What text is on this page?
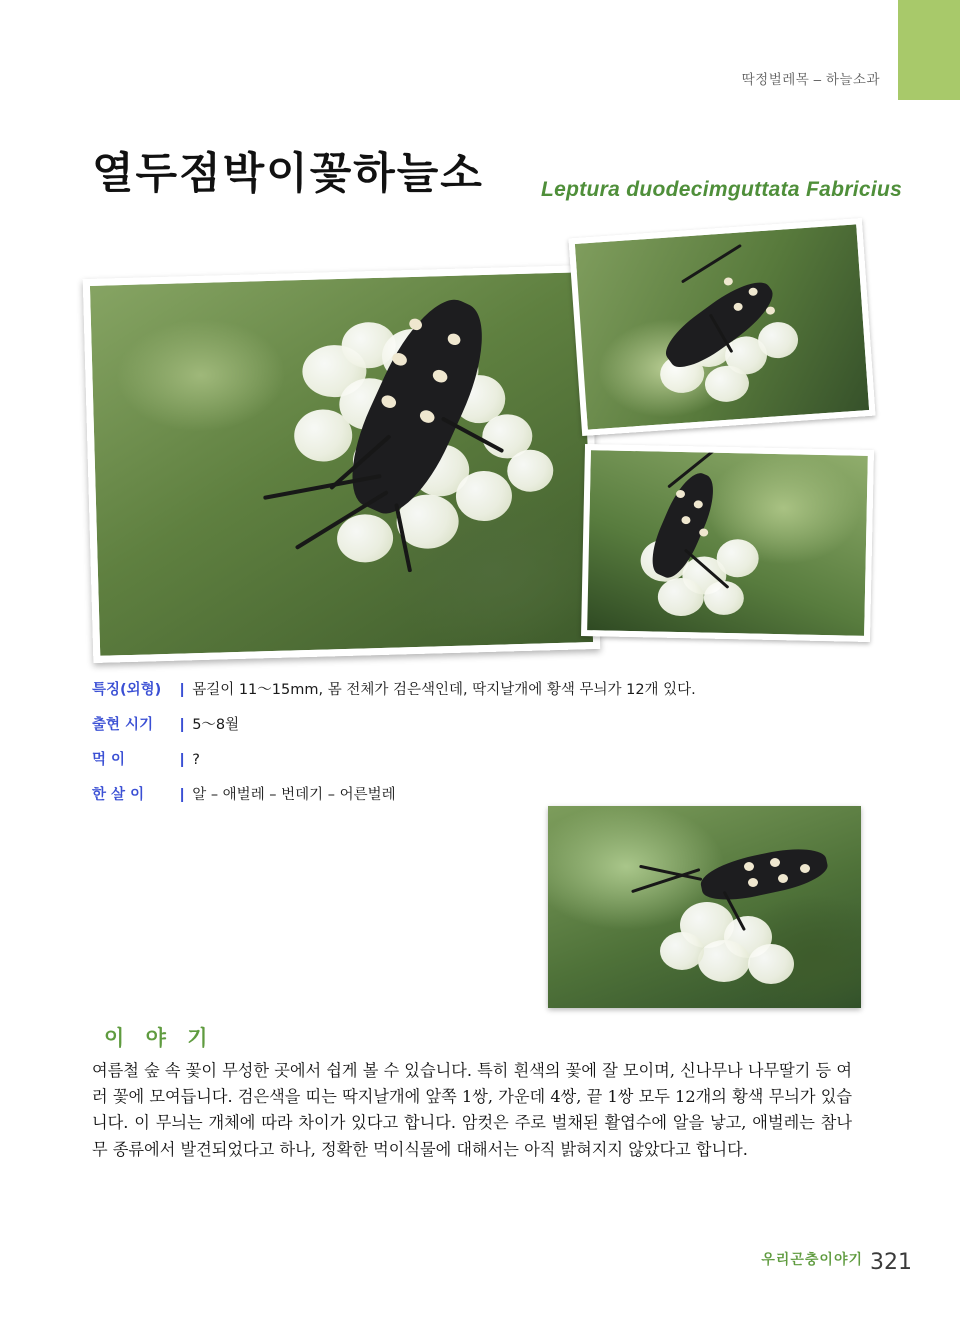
딱정벌레목 – 하늘소과
열두점박이꽃하늘소	Leptura duodecimguttata Fabricius
특징(외형)	| 몸길이 11～15mm, 몸 전체가 검은색인데, 딱지날개에 황색 무늬가 12개 있다.
출현 시기	| 5～8월
먹 이	| ?
한 살 이	| 알 – 애벌레 – 번데기 – 어른벌레
이 야 기
여름철 숲 속 꽃이 무성한 곳에서 쉽게 볼 수 있습니다. 특히 흰색의 꽃에 잘 모이며, 신나무나 나무딸기 등 여러 꽃에 모여듭니다. 검은색을 띠는 딱지날개에 앞쪽 1쌍, 가운데 4쌍, 끝 1쌍 모두 12개의 황색 무늬가 있습니다. 이 무늬는 개체에 따라 차이가 있다고 합니다. 암컷은 주로 벌채된 활엽수에 알을 낳고, 애벌레는 참나무 종류에서 발견되었다고 하나, 정확한 먹이식물에 대해서는 아직 밝혀지지 않았다고 합니다.
우리곤충이야기 321
